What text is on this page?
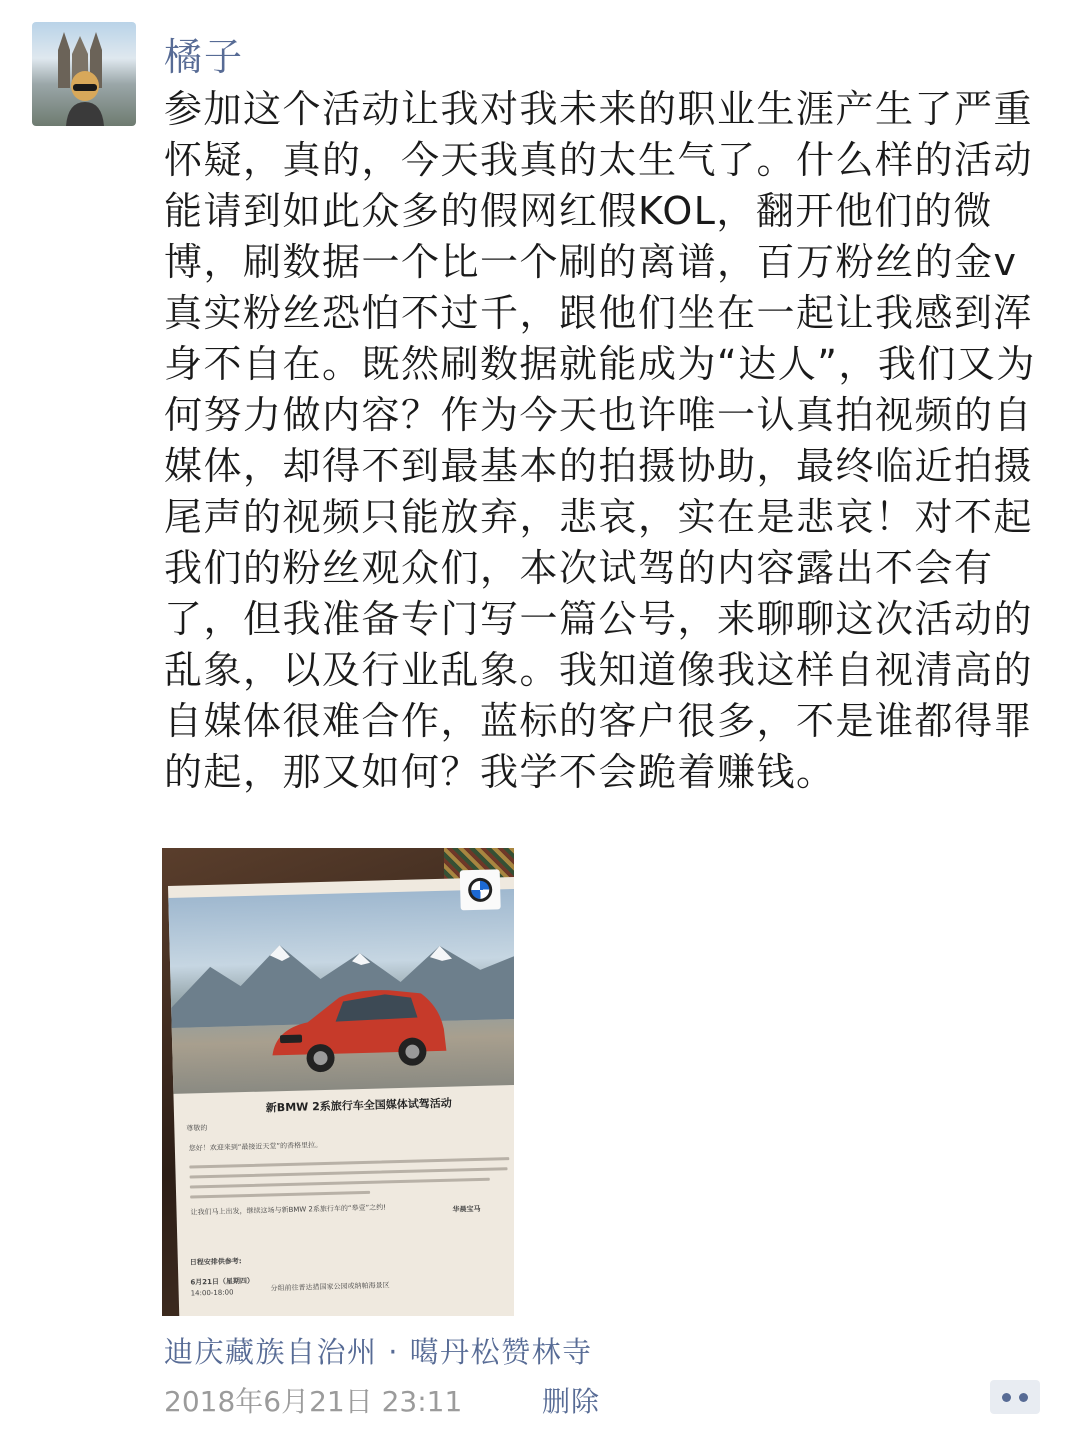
橘子
参加这个活动让我对我未来的职业生涯产生了严重怀疑，真的，今天我真的太生气了。什么样的活动能请到如此众多的假网红假KOL，翻开他们的微博，刷数据一个比一个刷的离谱，百万粉丝的金v真实粉丝恐怕不过千，跟他们坐在一起让我感到浑身不自在。既然刷数据就能成为“达人”，我们又为何努力做内容？作为今天也许唯一认真拍视频的自媒体，却得不到最基本的拍摄协助，最终临近拍摄尾声的视频只能放弃，悲哀，实在是悲哀！对不起我们的粉丝观众们，本次试驾的内容露出不会有了，但我准备专门写一篇公号，来聊聊这次活动的乱象，以及行业乱象。我知道像我这样自视清高的自媒体很难合作，蓝标的客户很多，不是谁都得罪的起，那又如何？我学不会跪着赚钱。
新BMW 2系旅行车全国媒体试驾活动
尊敬的
您好！欢迎来到“最接近天堂”的香格里拉。
让我们马上出发，继续这场与新BMW 2系旅行车的“皋壹”之约!	华晨宝马
日程安排供参考:
6月21日（星期四）
14:00-18:00
分组前往普达措国家公园或纳帕海景区
迪庆藏族自治州 · 噶丹松赞林寺
2018年6月21日 23:11	删除
